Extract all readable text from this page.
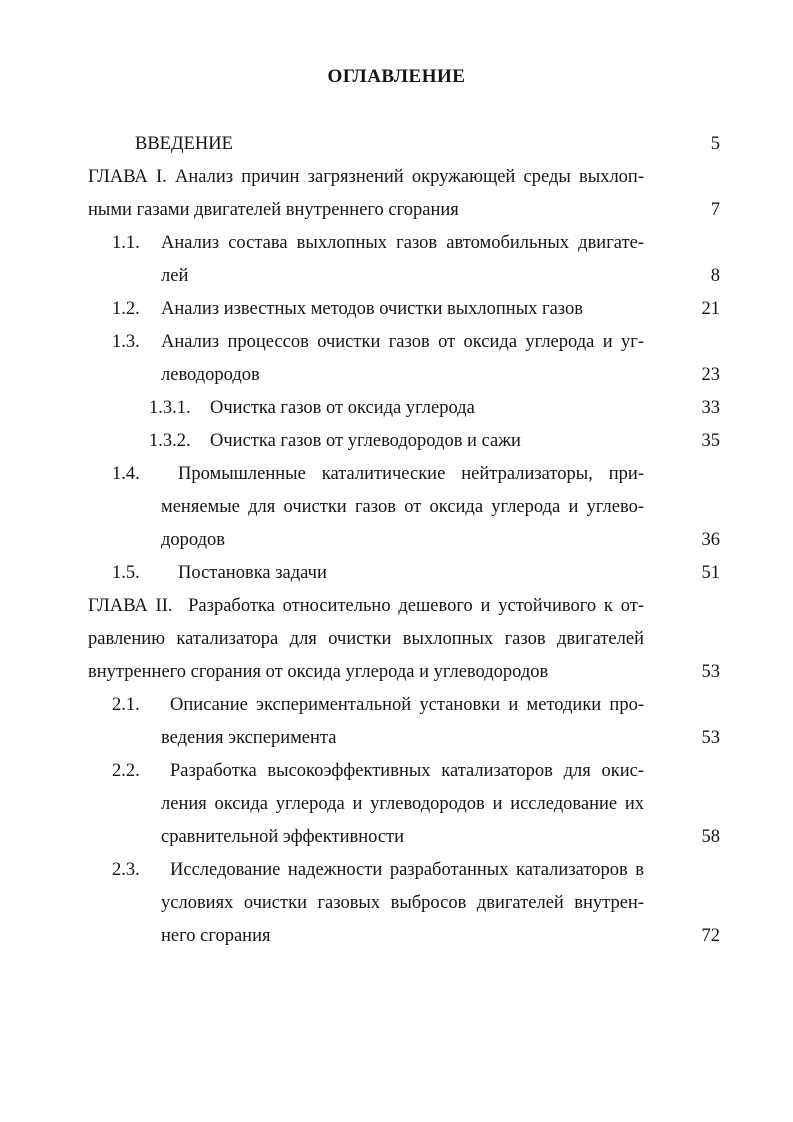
ОГЛАВЛЕНИЕ
ВВЕДЕНИЕ	5
ГЛАВА I. Анализ причин загрязнений окружающей среды выхлоп-
ными газами двигателей внутреннего сгорания	7
1.1. Анализ состава выхлопных газов автомобильных двигате-
лей	8
1.2. Анализ известных методов очистки выхлопных газов	21
1.3. Анализ процессов очистки газов от оксида углерода и уг-
леводородов	23
1.3.1. Очистка газов от оксида углерода	33
1.3.2. Очистка газов от углеводородов и сажи	35
1.4. Промышленные каталитические нейтрализаторы, при-
меняемые для очистки газов от оксида углерода и углево-
дородов	36
1.5. Постановка задачи	51
ГЛАВА II.  Разработка относительно дешевого и устойчивого к от-
равлению катализатора для очистки выхлопных газов двигателей
внутреннего сгорания от оксида углерода и углеводородов	53
2.1. Описание экспериментальной установки и методики про-
ведения эксперимента	53
2.2. Разработка высокоэффективных катализаторов для окис-
ления оксида углерода и углеводородов и исследование их
сравнительной эффективности	58
2.3. Исследование надежности разработанных катализаторов в
условиях очистки газовых выбросов двигателей внутрен-
него сгорания	72
